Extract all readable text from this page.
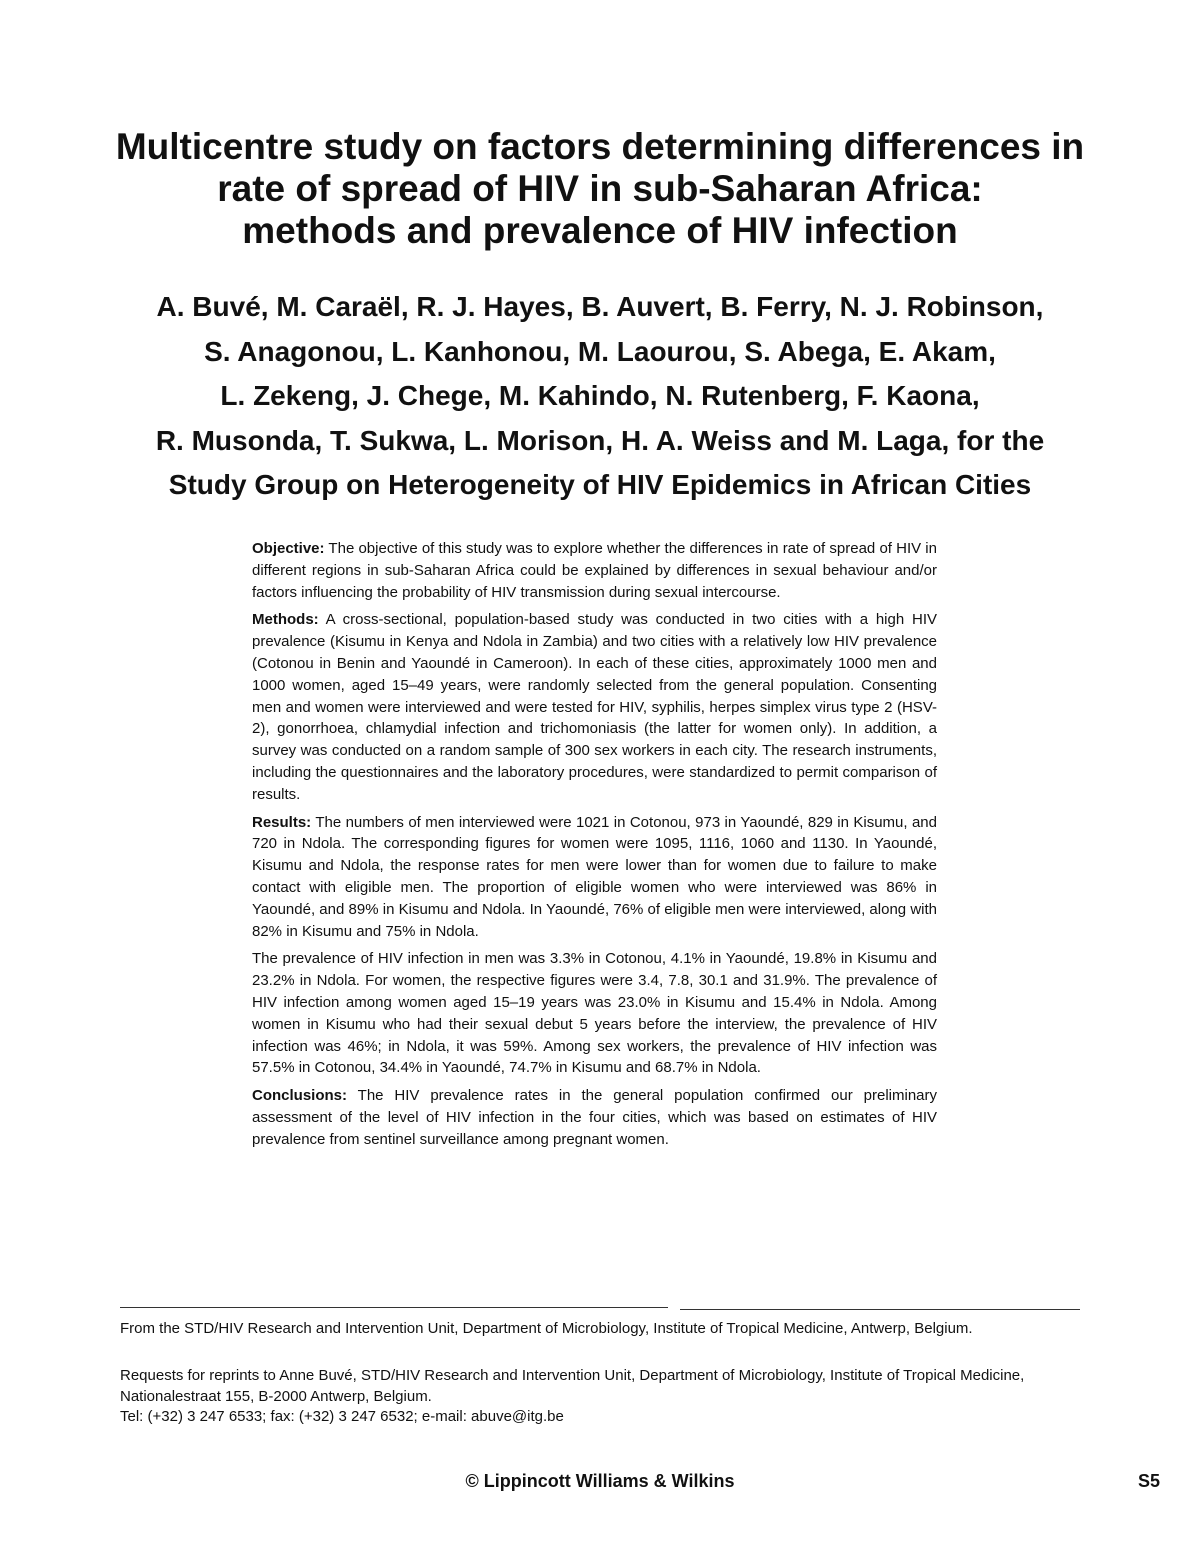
Multicentre study on factors determining differences in
rate of spread of HIV in sub-Saharan Africa:
methods and prevalence of HIV infection
A. Buvé, M. Caraël, R. J. Hayes, B. Auvert, B. Ferry, N. J. Robinson,
S. Anagonou, L. Kanhonou, M. Laourou, S. Abega, E. Akam,
L. Zekeng, J. Chege, M. Kahindo, N. Rutenberg, F. Kaona,
R. Musonda, T. Sukwa, L. Morison, H. A. Weiss and M. Laga, for the
Study Group on Heterogeneity of HIV Epidemics in African Cities

Objective: The objective of this study was to explore whether the differences in rate of spread of HIV in different regions in sub-Saharan Africa could be explained by differences in sexual behaviour and/or factors influencing the probability of HIV transmission during sexual intercourse.

Methods: A cross-sectional, population-based study was conducted in two cities with a high HIV prevalence (Kisumu in Kenya and Ndola in Zambia) and two cities with a relatively low HIV prevalence (Cotonou in Benin and Yaoundé in Cameroon). In each of these cities, approximately 1000 men and 1000 women, aged 15–49 years, were randomly selected from the general population. Consenting men and women were interviewed and were tested for HIV, syphilis, herpes simplex virus type 2 (HSV-2), gonorrhoea, chlamydial infection and trichomoniasis (the latter for women only). In addition, a survey was conducted on a random sample of 300 sex workers in each city. The research instruments, including the questionnaires and the laboratory procedures, were standardized to permit comparison of results.

Results: The numbers of men interviewed were 1021 in Cotonou, 973 in Yaoundé, 829 in Kisumu, and 720 in Ndola. The corresponding figures for women were 1095, 1116, 1060 and 1130. In Yaoundé, Kisumu and Ndola, the response rates for men were lower than for women due to failure to make contact with eligible men. The proportion of eligible women who were interviewed was 86% in Yaoundé, and 89% in Kisumu and Ndola. In Yaoundé, 76% of eligible men were interviewed, along with 82% in Kisumu and 75% in Ndola.

The prevalence of HIV infection in men was 3.3% in Cotonou, 4.1% in Yaoundé, 19.8% in Kisumu and 23.2% in Ndola. For women, the respective figures were 3.4, 7.8, 30.1 and 31.9%. The prevalence of HIV infection among women aged 15–19 years was 23.0% in Kisumu and 15.4% in Ndola. Among women in Kisumu who had their sexual debut 5 years before the interview, the prevalence of HIV infection was 46%; in Ndola, it was 59%. Among sex workers, the prevalence of HIV infection was 57.5% in Cotonou, 34.4% in Yaoundé, 74.7% in Kisumu and 68.7% in Ndola.

Conclusions: The HIV prevalence rates in the general population confirmed our preliminary assessment of the level of HIV infection in the four cities, which was based on estimates of HIV prevalence from sentinel surveillance among pregnant women.

From the STD/HIV Research and Intervention Unit, Department of Microbiology, Institute of Tropical Medicine, Antwerp, Belgium.
Requests for reprints to Anne Buvé, STD/HIV Research and Intervention Unit, Department of Microbiology, Institute of Tropical Medicine, Nationalestraat 155, B-2000 Antwerp, Belgium.
Tel: (+32) 3 247 6533; fax: (+32) 3 247 6532; e-mail: abuve@itg.be
© Lippincott Williams & Wilkins	S5
